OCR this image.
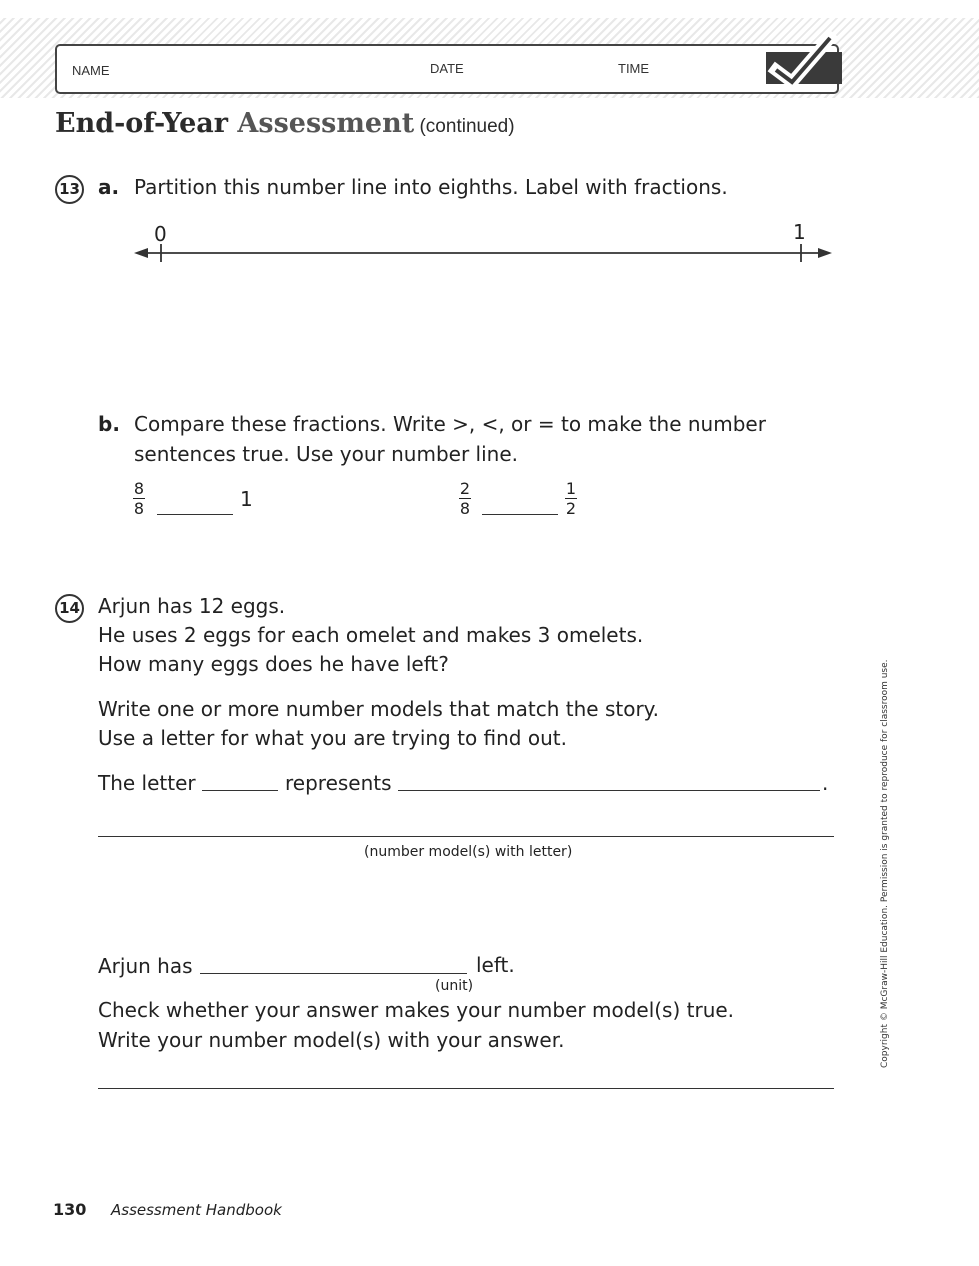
NAME	DATE	TIME
End-of-Year Assessment (continued)
13 a. Partition this number line into eighths. Label with fractions.
0	1
b. Compare these fractions. Write >, <, or = to make the number
sentences true. Use your number line.
8
8	1	2
8
1
2
14 Arjun has 12 eggs.
He uses 2 eggs for each omelet and makes 3 omelets.
How many eggs does he have left?
Write one or more number models that match the story.
Use a letter for what you are trying to find out.
The letter	represents	.
(number model(s) with letter)
Arjun has	left.
(unit)
Check whether your answer makes your number model(s) true.
Write your number model(s) with your answer.	Copyright © McGraw-Hill Education. Permission is granted to reproduce for classroom use.
130 Assessment Handbook
